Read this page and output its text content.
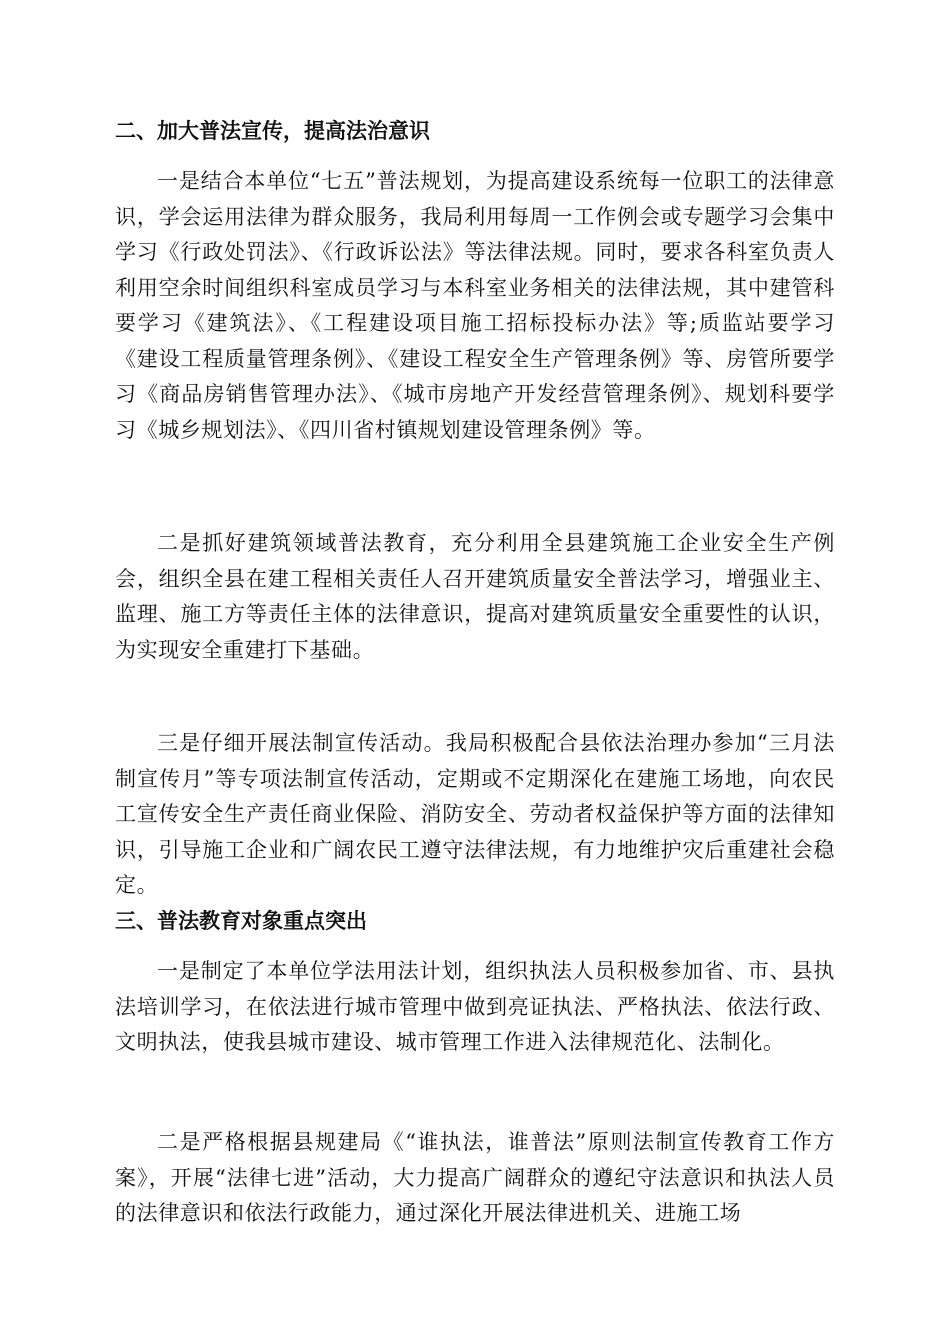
二、加大普法宣传，提高法治意识

一是结合本单位“七五”普法规划，为提高建设系统每一位职工的法律意识，学会运用法律为群众服务，我局利用每周一工作例会或专题学习会集中学习《行政处罚法》、《行政诉讼法》等法律法规。同时，要求各科室负责人利用空余时间组织科室成员学习与本科室业务相关的法律法规，其中建管科要学习《建筑法》、《工程建设项目施工招标投标办法》等;质监站要学习《建设工程质量管理条例》、《建设工程安全生产管理条例》等、房管所要学习《商品房销售管理办法》、《城市房地产开发经营管理条例》、规划科要学习《城乡规划法》、《四川省村镇规划建设管理条例》等。

二是抓好建筑领域普法教育，充分利用全县建筑施工企业安全生产例会，组织全县在建工程相关责任人召开建筑质量安全普法学习，增强业主、监理、施工方等责任主体的法律意识，提高对建筑质量安全重要性的认识，为实现安全重建打下基础。

三是仔细开展法制宣传活动。我局积极配合县依法治理办参加“三月法制宣传月”等专项法制宣传活动，定期或不定期深化在建施工场地，向农民工宣传安全生产责任商业保险、消防安全、劳动者权益保护等方面的法律知识，引导施工企业和广阔农民工遵守法律法规，有力地维护灾后重建社会稳定。

三、普法教育对象重点突出

一是制定了本单位学法用法计划，组织执法人员积极参加省、市、县执法培训学习，在依法进行城市管理中做到亮证执法、严格执法、依法行政、文明执法，使我县城市建设、城市管理工作进入法律规范化、法制化。

二是严格根据县规建局《“谁执法，谁普法”原则法制宣传教育工作方案》，开展“法律七进”活动，大力提高广阔群众的遵纪守法意识和执法人员的法律意识和依法行政能力，通过深化开展法律进机关、进施工场
